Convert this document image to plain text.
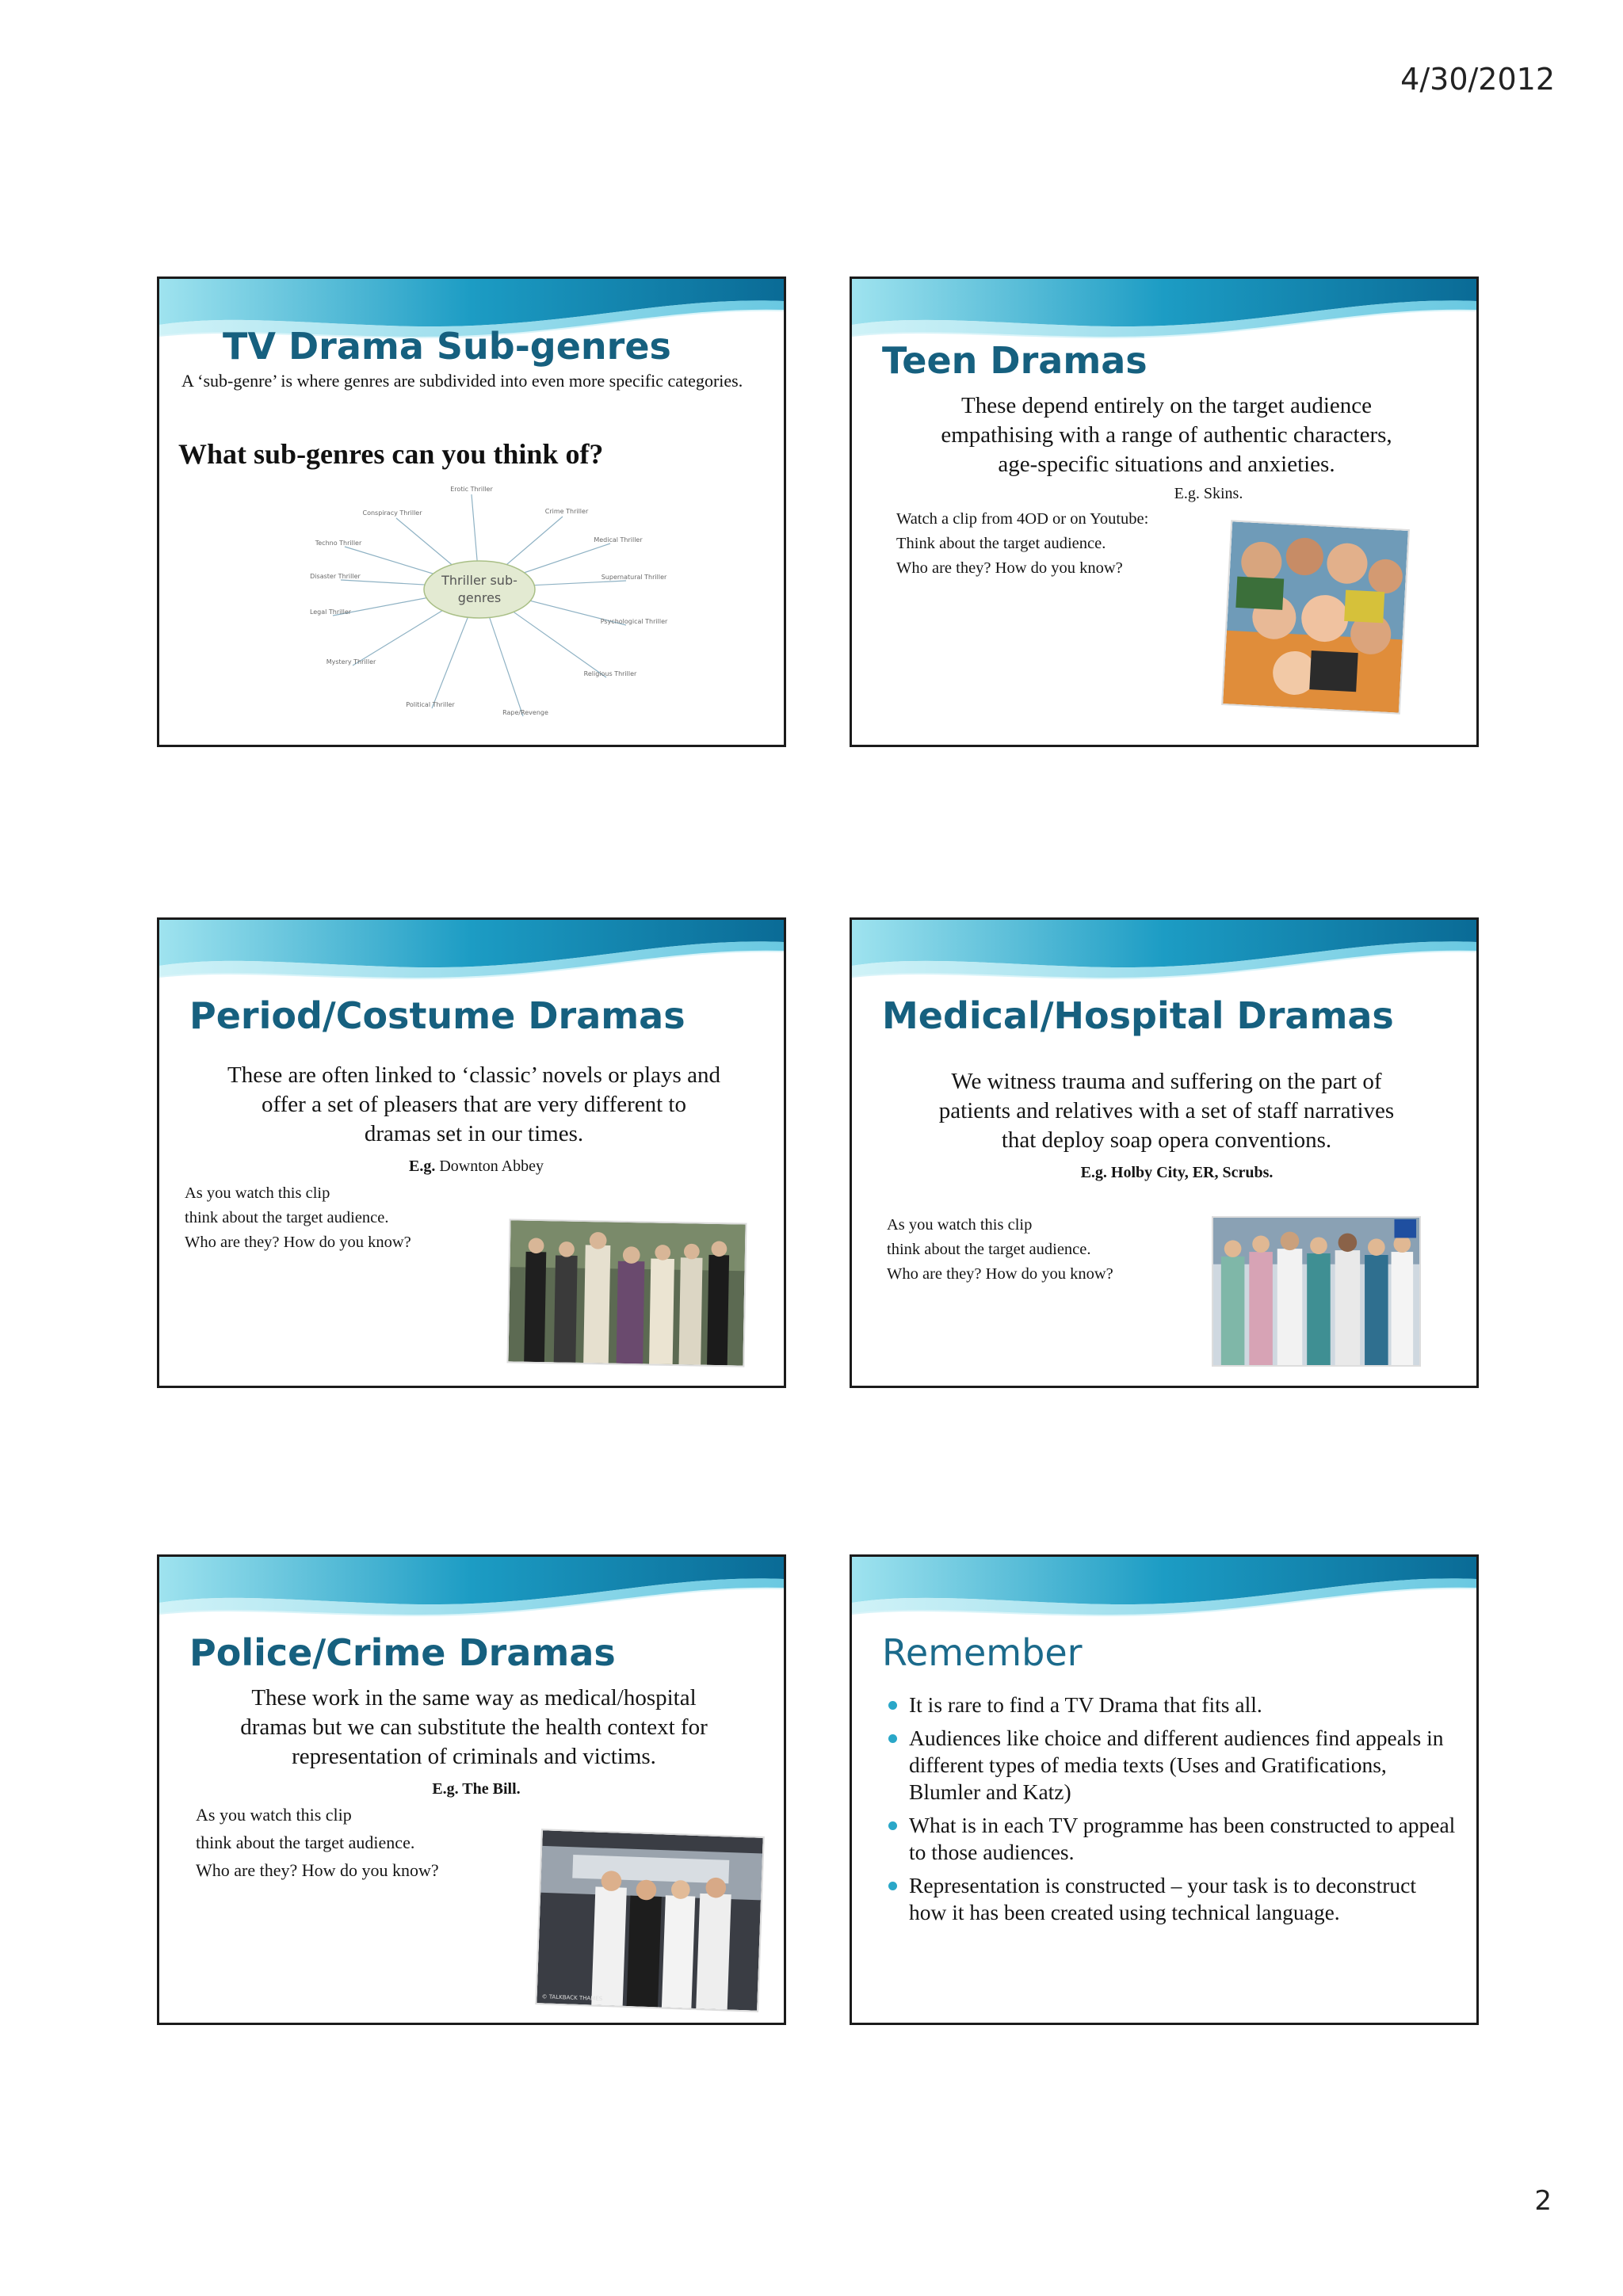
4/30/2012
2
TV Drama Sub-genres
A ‘sub-genre’ is where genres are subdivided into even more specific categories.
What sub-genres can you think of?
Thriller sub-
genres
Erotic Thriller
Conspiracy Thriller	Crime Thriller
Techno Thriller	Medical Thriller
Disaster Thriller	Supernatural Thriller
Legal Thriller
Psychological Thriller
Mystery Thriller
Religious Thriller
Political Thriller
Rape/Revenge
Teen Dramas
These depend entirely on the target audience
empathising with a range of authentic characters,
age-specific situations and anxieties.
E.g. Skins.
Watch a clip from 4OD or on Youtube:
Think about the target audience.
Who are they? How do you know?
Period/Costume Dramas
These are often linked to ‘classic’ novels or plays and
offer a set of pleasers that are very different to
dramas set in our times.
E.g. Downton Abbey
As you watch this clip
think about the target audience.
Who are they? How do you know?
Medical/Hospital Dramas
We witness trauma and suffering on the part of
patients and relatives with a set of staff narratives
that deploy soap opera conventions.
E.g. Holby City, ER, Scrubs.
As you watch this clip
think about the target audience.
Who are they? How do you know?
Police/Crime Dramas
These work in the same way as medical/hospital
dramas but we can substitute the health context for
representation of criminals and victims.
E.g. The Bill.
As you watch this clip
think about the target audience.
Who are they? How do you know?
© TALKBACK THAMES
Remember
It is rare to find a TV Drama that fits all.
Audiences like choice and different audiences find appeals in different types of media texts (Uses and Gratifications, Blumler and Katz)
What is in each TV programme has been constructed to appeal to those audiences.
Representation is constructed – your task is to deconstruct how it has been created using technical language.
